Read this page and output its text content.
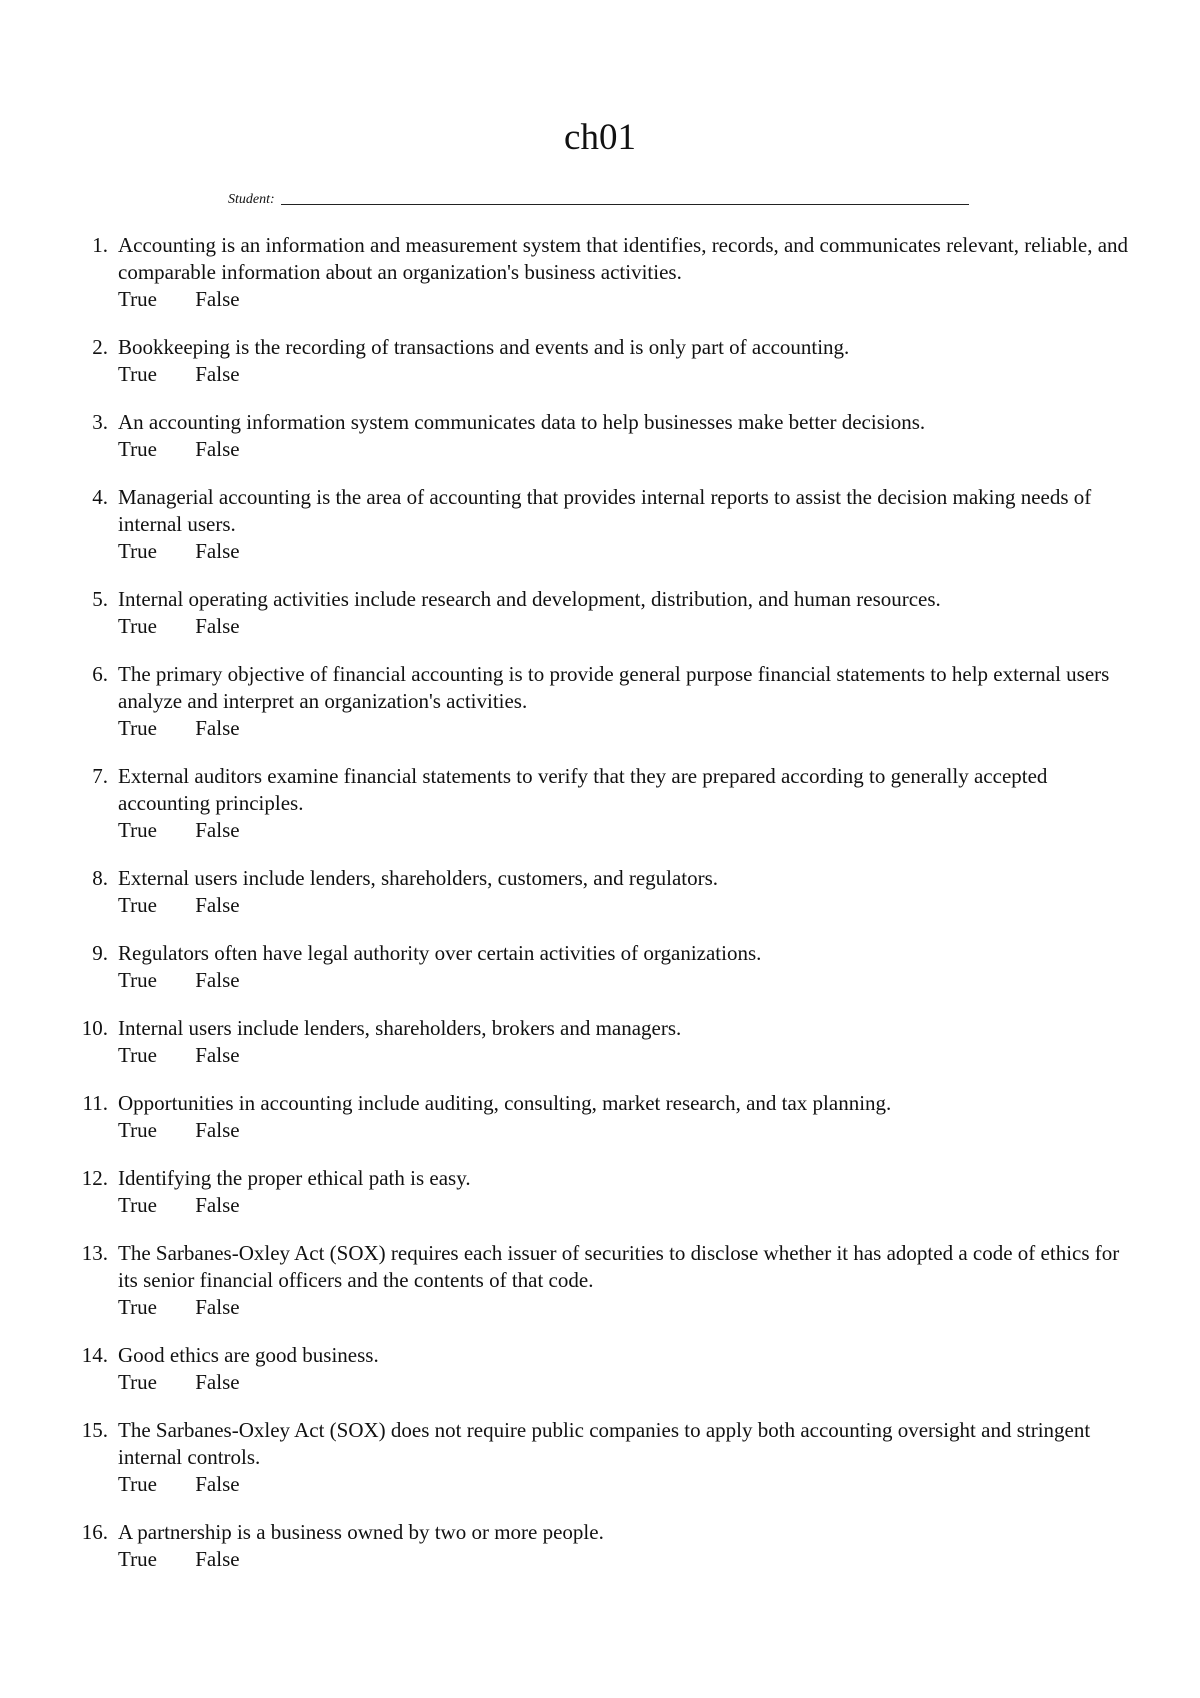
ch01
Student:
1. Accounting is an information and measurement system that identifies, records, and communicates relevant, reliable, and comparable information about an organization's business activities.
True False
2. Bookkeeping is the recording of transactions and events and is only part of accounting.
True False
3. An accounting information system communicates data to help businesses make better decisions.
True False
4. Managerial accounting is the area of accounting that provides internal reports to assist the decision making needs of internal users.
True False
5. Internal operating activities include research and development, distribution, and human resources.
True False
6. The primary objective of financial accounting is to provide general purpose financial statements to help external users analyze and interpret an organization's activities.
True False
7. External auditors examine financial statements to verify that they are prepared according to generally accepted accounting principles.
True False
8. External users include lenders, shareholders, customers, and regulators.
True False
9. Regulators often have legal authority over certain activities of organizations.
True False
10. Internal users include lenders, shareholders, brokers and managers.
True False
11. Opportunities in accounting include auditing, consulting, market research, and tax planning.
True False
12. Identifying the proper ethical path is easy.
True False
13. The Sarbanes-Oxley Act (SOX) requires each issuer of securities to disclose whether it has adopted a code of ethics for its senior financial officers and the contents of that code.
True False
14. Good ethics are good business.
True False
15. The Sarbanes-Oxley Act (SOX) does not require public companies to apply both accounting oversight and stringent internal controls.
True False
16. A partnership is a business owned by two or more people.
True False
